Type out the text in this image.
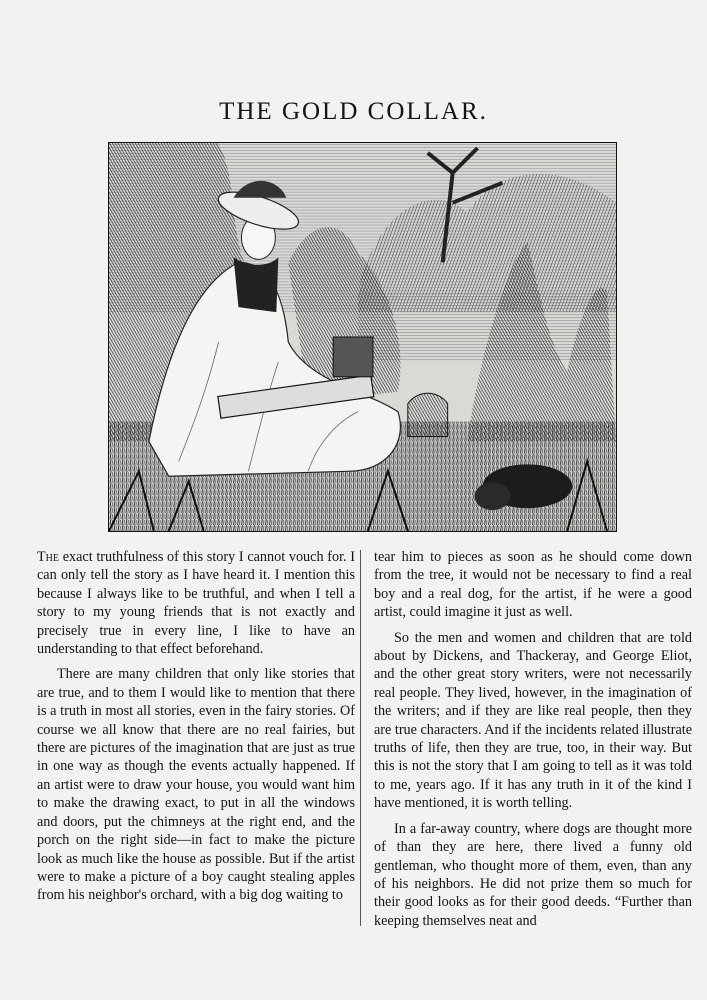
THE GOLD COLLAR.

The exact truthfulness of this story I cannot vouch for. I can only tell the story as I have heard it. I mention this because I always like to be truthful, and when I tell a story to my young friends that is not exactly and precisely true in every line, I like to have an understanding to that effect beforehand.

There are many children that only like stories that are true, and to them I would like to mention that there is a truth in most all stories, even in the fairy stories. Of course we all know that there are no real fairies, but there are pictures of the imagination that are just as true in one way as though the events actually happened. If an artist were to draw your house, you would want him to make the drawing exact, to put in all the windows and doors, put the chimneys at the right end, and the porch on the right side—in fact to make the picture look as much like the house as possible. But if the artist were to make a picture of a boy caught stealing apples from his neighbor's orchard, with a big dog waiting to

tear him to pieces as soon as he should come down from the tree, it would not be necessary to find a real boy and a real dog, for the artist, if he were a good artist, could imagine it just as well.

So the men and women and children that are told about by Dickens, and Thackeray, and George Eliot, and the other great story writers, were not necessarily real people. They lived, however, in the imagination of the writers; and if they are like real people, then they are true characters. And if the incidents related illustrate truths of life, then they are true, too, in their way. But this is not the story that I am going to tell as it was told to me, years ago. If it has any truth in it of the kind I have mentioned, it is worth telling.

In a far-away country, where dogs are thought more of than they are here, there lived a funny old gentleman, who thought more of them, even, than any of his neighbors. He did not prize them so much for their good looks as for their good deeds. “Further than keeping themselves neat and
